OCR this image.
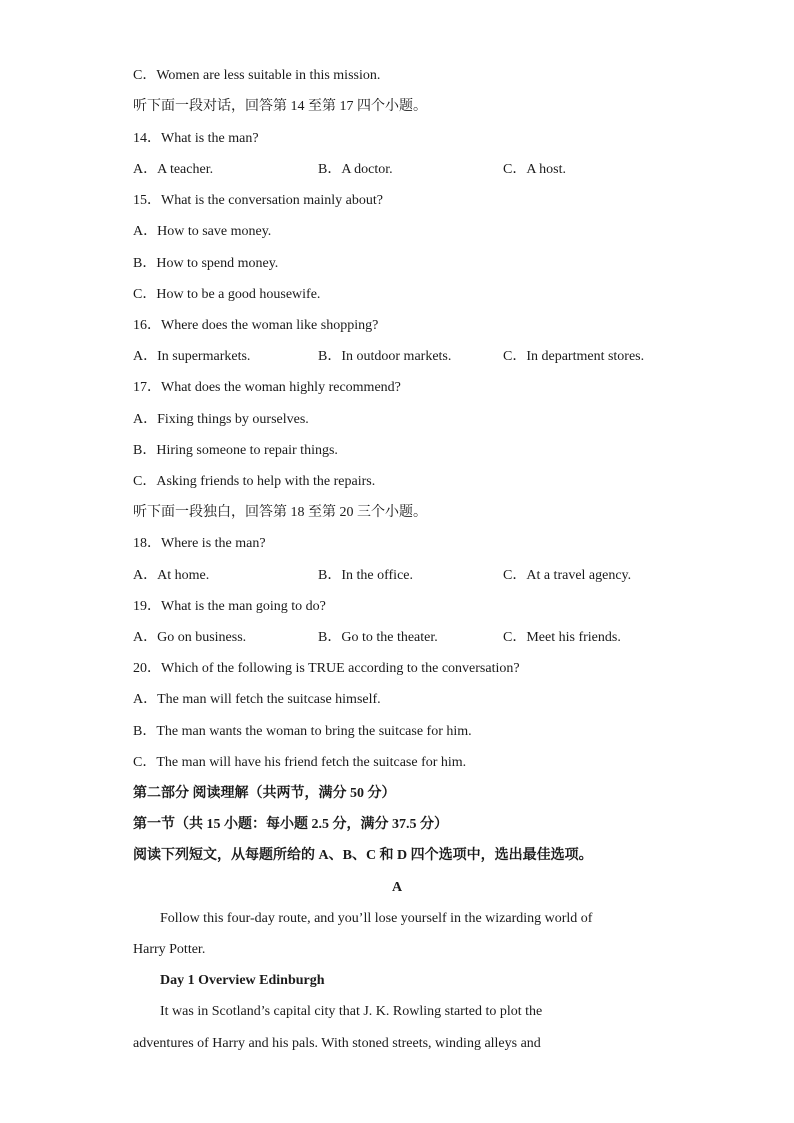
C．Women are less suitable in this mission.
听下面一段对话，回答第 14 至第 17 四个小题。
14．What is the man?
A．A teacher.	B．A doctor.	C．A host.
15．What is the conversation mainly about?
A．How to save money.
B．How to spend money.
C．How to be a good housewife.
16．Where does the woman like shopping?
A．In supermarkets.	B．In outdoor markets.	C．In department stores.
17．What does the woman highly recommend?
A．Fixing things by ourselves.
B．Hiring someone to repair things.
C．Asking friends to help with the repairs.
听下面一段独白，回答第 18 至第 20 三个小题。
18．Where is the man?
A．At home.	B．In the office.	C．At a travel agency.
19．What is the man going to do?
A．Go on business.	B．Go to the theater.	C．Meet his friends.
20．Which of the following is TRUE according to the conversation?
A．The man will fetch the suitcase himself.
B．The man wants the woman to bring the suitcase for him.
C．The man will have his friend fetch the suitcase for him.
第二部分 阅读理解（共两节，满分 50 分）
第一节（共 15 小题：每小题 2.5 分，满分 37.5 分）
阅读下列短文，从每题所给的 A、B、C 和 D 四个选项中，选出最佳选项。
A
Follow this four-day route, and you’ll lose yourself in the wizarding world of
Harry Potter.
Day 1 Overview Edinburgh
It was in Scotland’s capital city that J. K. Rowling started to plot the
adventures of Harry and his pals. With stoned streets, winding alleys and
